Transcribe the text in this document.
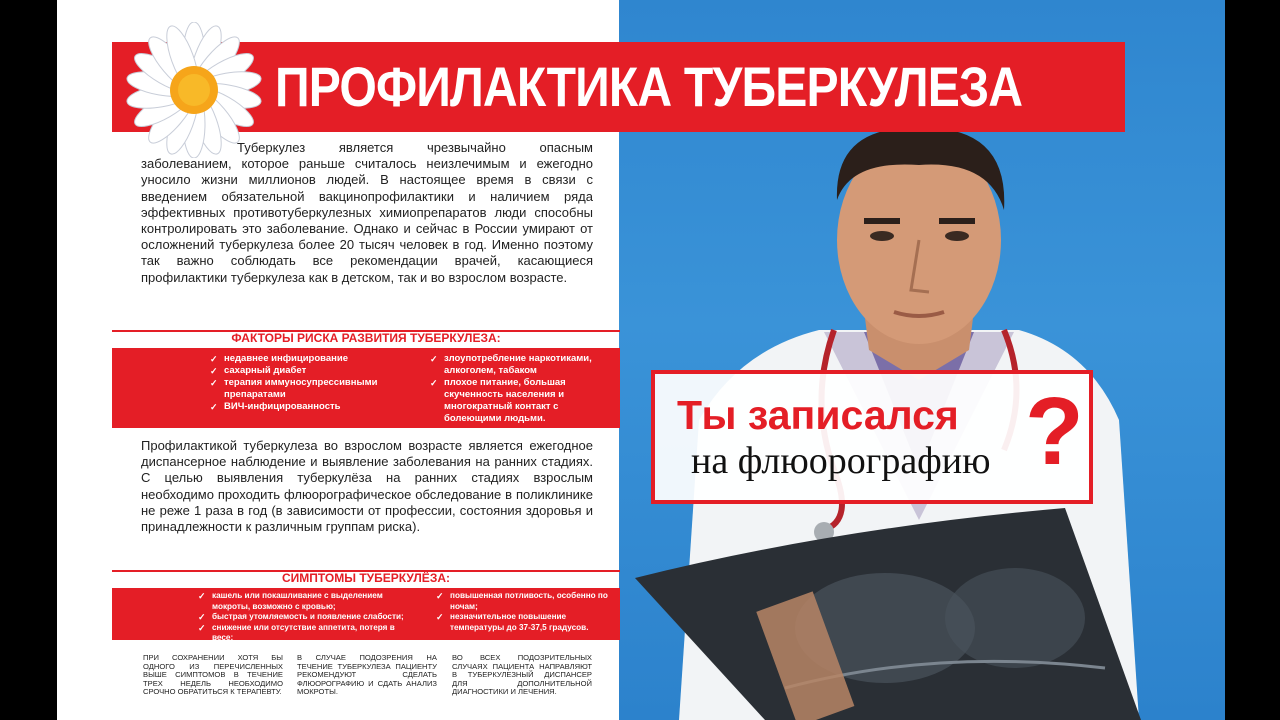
ПРОФИЛАКТИКА ТУБЕРКУЛЕЗА

Туберкулез является чрезвычайно опасным заболеванием, которое раньше считалось неизлечимым и ежегодно уносило жизни миллионов людей. В настоящее время в связи с введением обязательной вакцинопрофилактики и наличием ряда эффективных противотуберкулезных химиопрепаратов люди способны контролировать это заболевание. Однако и сейчас в России умирают от осложнений туберкулеза более 20 тысяч человек в год. Именно поэтому так важно соблюдать все рекомендации врачей, касающиеся профилактики туберкулеза как в детском, так и во взрослом возрасте.

ФАКТОРЫ РИСКА РАЗВИТИЯ ТУБЕРКУЛЕЗА:
✓ недавнее инфицирование
✓ сахарный диабет
✓ терапия иммуносупрессивными препаратами
✓ ВИЧ-инфицированность
✓ злоупотребление наркотиками, алкоголем, табаком
✓ плохое питание, большая скученность населения и многократный контакт с болеющими людьми.

Профилактикой туберкулеза во взрослом возрасте является ежегодное диспансерное наблюдение и выявление заболевания на ранних стадиях. С целью выявления туберкулёза на ранних стадиях взрослым необходимо проходить флюорографическое обследование в поликлинике не реже 1 раза в год (в зависимости от профессии, состояния здоровья и принадлежности к различным группам риска).

СИМПТОМЫ ТУБЕРКУЛЁЗА:
✓ кашель или покашливание с выделением мокроты, возможно с кровью;
✓ быстрая утомляемость и появление слабости;
✓ снижение или отсутствие аппетита, потеря в весе;
✓ повышенная потливость, особенно по ночам;
✓ незначительное повышение температуры до 37-37,5 градусов.

ПРИ СОХРАНЕНИИ ХОТЯ БЫ ОДНОГО ИЗ ПЕРЕЧИСЛЕННЫХ ВЫШЕ СИМПТОМОВ В ТЕЧЕНИЕ ТРЕХ НЕДЕЛЬ НЕОБХОДИМО СРОЧНО ОБРАТИТЬСЯ К ТЕРАПЕВТУ.

В СЛУЧАЕ ПОДОЗРЕНИЯ НА ТЕЧЕНИЕ ТУБЕРКУЛЕЗА ПАЦИЕНТУ РЕКОМЕНДУЮТ СДЕЛАТЬ ФЛЮОРОГРАФИЮ И СДАТЬ АНАЛИЗ МОКРОТЫ.

ВО ВСЕХ ПОДОЗРИТЕЛЬНЫХ СЛУЧАЯХ ПАЦИЕНТА НАПРАВЛЯЮТ В ТУБЕРКУЛЕЗНЫЙ ДИСПАНСЕР ДЛЯ ДОПОЛНИТЕЛЬНОЙ ДИАГНОСТИКИ И ЛЕЧЕНИЯ.

Ты записался
на флюорографию ?
